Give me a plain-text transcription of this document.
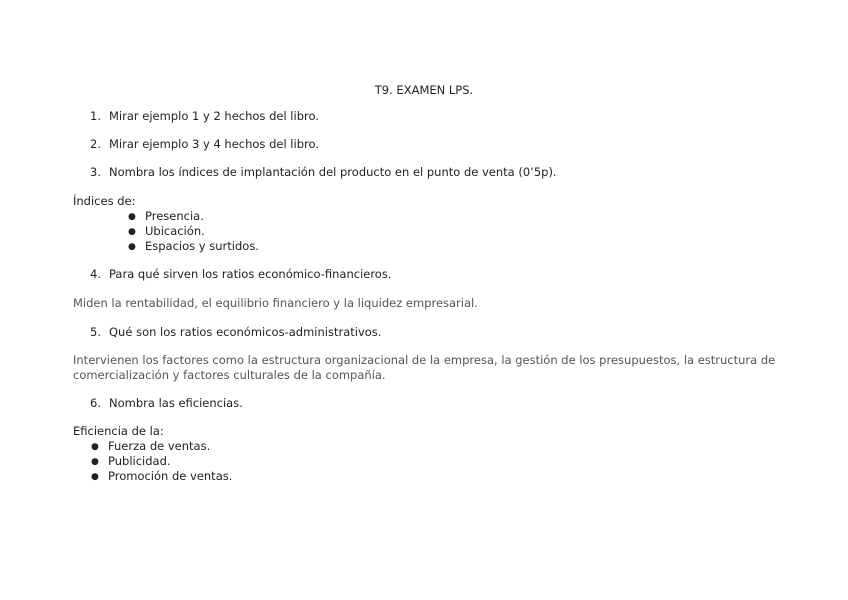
T9. EXAMEN LPS.
1. Mirar ejemplo 1 y 2 hechos del libro.
2. Mirar ejemplo 3 y 4 hechos del libro.
3. Nombra los índices de implantación del producto en el punto de venta (0’5p).
Índices de:
● Presencia.
● Ubicación.
● Espacios y surtidos.
4. Para qué sirven los ratios económico-financieros.
Miden la rentabilidad, el equilibrio financiero y la liquidez empresarial.
5. Qué son los ratios económicos-administrativos.
Intervienen los factores como la estructura organizacional de la empresa, la gestión de los presupuestos, la estructura de
comercialización y factores culturales de la compañía.
6. Nombra las eficiencias.
Eficiencia de la:
● Fuerza de ventas.
● Publicidad.
● Promoción de ventas.
